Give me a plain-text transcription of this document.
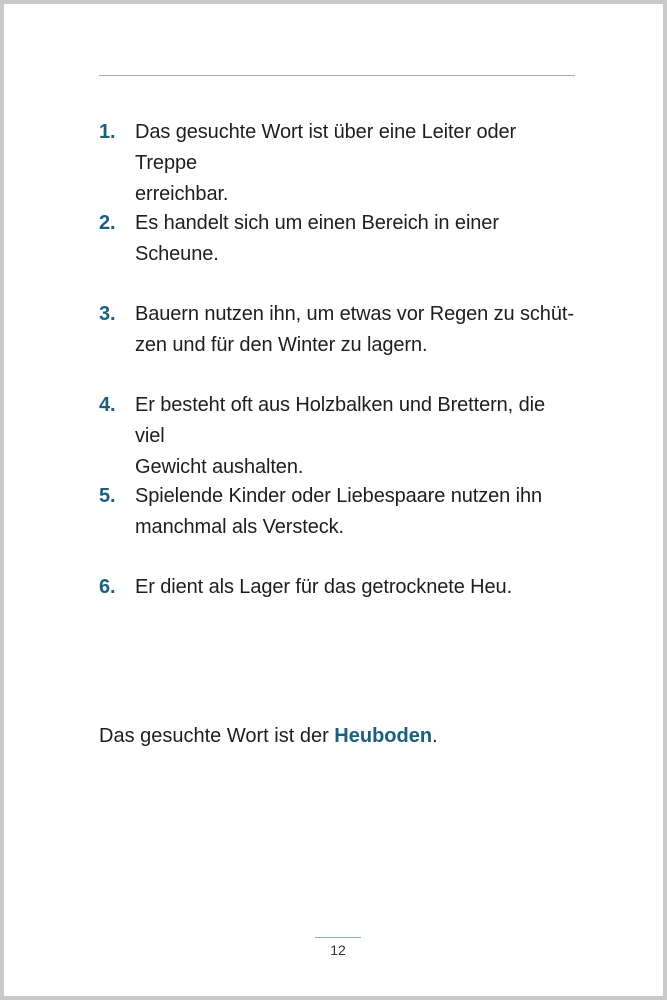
1. Das gesuchte Wort ist über eine Leiter oder Treppe
erreichbar.
2. Es handelt sich um einen Bereich in einer
Scheune.
3. Bauern nutzen ihn, um etwas vor Regen zu schüt-
zen und für den Winter zu lagern.
4. Er besteht oft aus Holzbalken und Brettern, die viel
Gewicht aushalten.
5. Spielende Kinder oder Liebespaare nutzen ihn
manchmal als Versteck.
6. Er dient als Lager für das getrocknete Heu.
Das gesuchte Wort ist der Heuboden.
12
